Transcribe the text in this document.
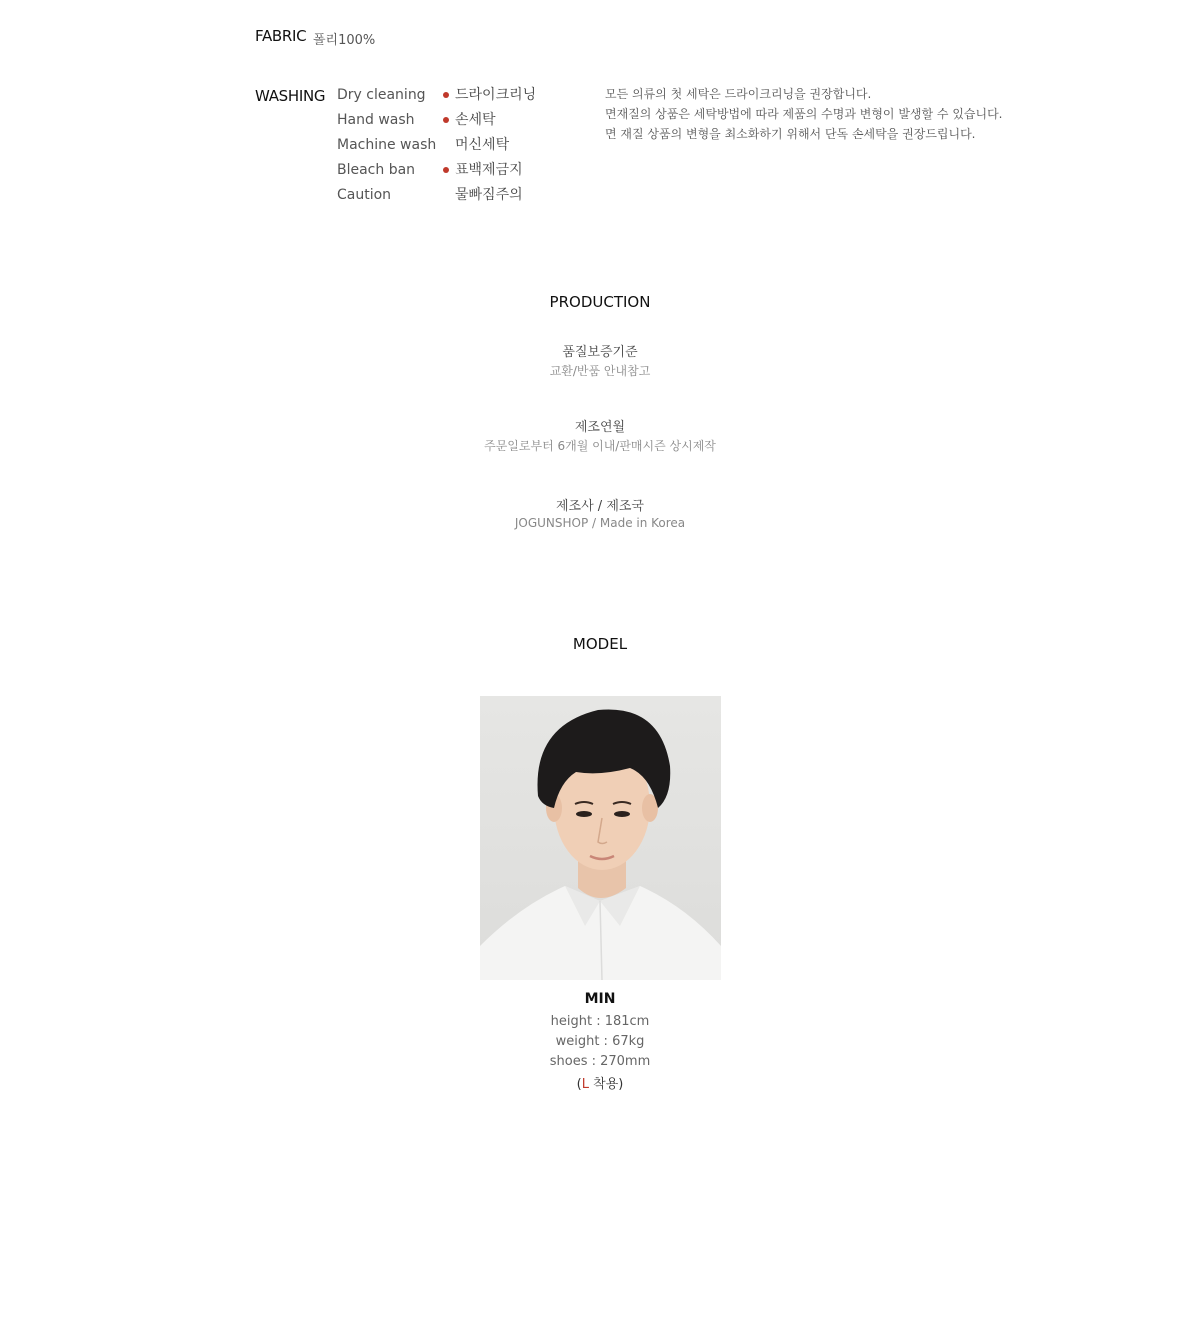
FABRIC 폴리100%
WASHING Dry cleaning
Hand wash
Machine wash
Bleach ban
Caution
드라이크리닝
손세탁
머신세탁
표백제금지
물빠짐주의
모든 의류의 첫 세탁은 드라이크리닝을 권장합니다.
면재질의 상품은 세탁방법에 따라 제품의 수명과 변형이 발생할 수 있습니다.
면 재질 상품의 변형을 최소화하기 위해서 단독 손세탁을 권장드립니다.
PRODUCTION
품질보증기준
교환/반품 안내참고
제조연월
주문일로부터 6개월 이내/판매시즌 상시제작
제조사 / 제조국
JOGUNSHOP / Made in Korea
MODEL
MIN
height : 181cm
weight : 67kg
shoes : 270mm
(L 착용)
